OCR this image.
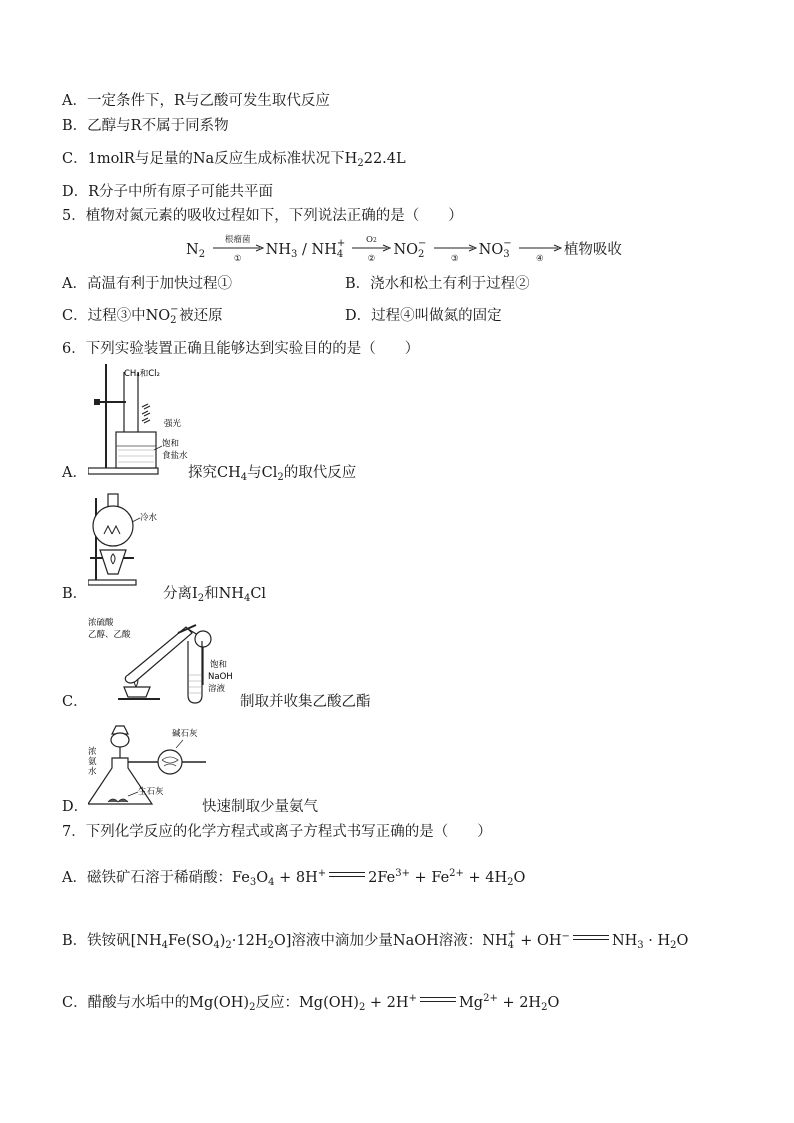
A．一定条件下，R与乙酸可发生取代反应
B．乙醇与R不属于同系物
C．1molR与足量的Na反应生成标准状况下$H_222.4L$
D．R分子中所有原子可能共平面
5．植物对氮元素的吸收过程如下，下列说法正确的是（　　）
$N_2$
根瘤菌
①
$NH_3$ / NH +
4

O2
②
NO −
2
	③
NO −
3
	④
植物吸收
A．高温有利于加快过程①	B．浇水和松土有利于过程②
C．过程③中NO −
2 被还原	D．过程④叫做氮的固定
6．下列实验装置正确且能够达到实验目的的是（　　）
CH₄和Cl₂
强光
饱和
食盐水
A．	探究$CH_4$与$Cl_2$的取代反应
冷水
B．	分离$I_2$和$NH_4Cl$
浓硫酸
乙醇、乙酸
饱和
NaOH
溶液
C．	制取并收集乙酸乙酯
浓
氨
水
碱石灰
生石灰
D．	快速制取少量氨气
7．下列化学反应的化学方程式或离子方程式书写正确的是（　　）
A．磁铁矿石溶于稀硝酸：$Fe_3O_4 + 8H^+$	$2Fe^{3+} + Fe^{2+} + 4H_2O$
B．铁铵矾$[NH_4Fe(SO_4)_2\cdot 12H_2O]$溶液中滴加少量NaOH溶液：NH +
4 + OH−	$NH_3 \cdot H_2O$
C．醋酸与水垢中的$Mg(OH)_2$反应：$Mg(OH)_2 + 2H^+$	$Mg^{2+} + 2H_2O$
